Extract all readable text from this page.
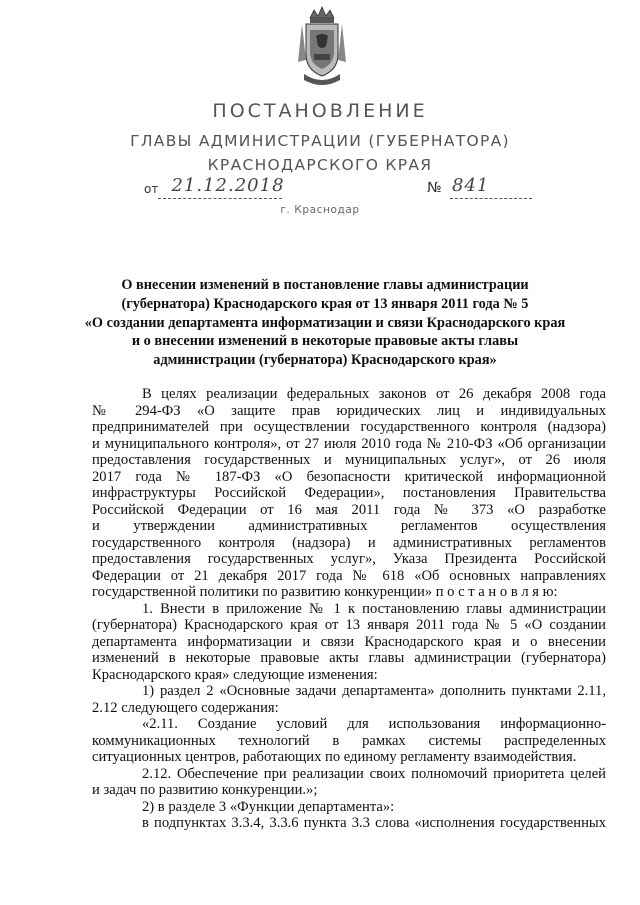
ПОСТАНОВЛЕНИЕ
ГЛАВЫ АДМИНИСТРАЦИИ (ГУБЕРНАТОРА)
КРАСНОДАРСКОГО КРАЯ
от 21.12.2018	№ 841
г. Краснодар
О внесении изменений в постановление главы администрации
(губернатора) Краснодарского края от 13 января 2011 года № 5
«О создании департамента информатизации и связи Краснодарского края
и о внесении изменений в некоторые правовые акты главы
администрации (губернатора) Краснодарского края»
В целях реализации федеральных законов от 26 декабря 2008 года
№ 294-ФЗ «О защите прав юридических лиц и индивидуальных
предпринимателей при осуществлении государственного контроля (надзора)
и муниципального контроля», от 27 июля 2010 года № 210-ФЗ «Об организации
предоставления государственных и муниципальных услуг», от 26 июля
2017 года № 187-ФЗ «О безопасности критической информационной
инфраструктуры Российской Федерации», постановления Правительства
Российской Федерации от 16 мая 2011 года № 373 «О разработке
и утверждении административных регламентов осуществления
государственного контроля (надзора) и административных регламентов
предоставления государственных услуг», Указа Президента Российской
Федерации от 21 декабря 2017 года № 618 «Об основных направлениях
государственной политики по развитию конкуренции» п о с т а н о в л я ю:
1. Внести в приложение № 1 к постановлению главы администрации
(губернатора) Краснодарского края от 13 января 2011 года № 5 «О создании
департамента информатизации и связи Краснодарского края и о внесении
изменений в некоторые правовые акты главы администрации (губернатора)
Краснодарского края» следующие изменения:
1) раздел 2 «Основные задачи департамента» дополнить пунктами 2.11,
2.12 следующего содержания:
«2.11. Создание условий для использования информационно-
коммуникационных технологий в рамках системы распределенных
ситуационных центров, работающих по единому регламенту взаимодействия.
2.12. Обеспечение при реализации своих полномочий приоритета целей
и задач по развитию конкуренции.»;
2) в разделе 3 «Функции департамента»:
в подпунктах 3.3.4, 3.3.6 пункта 3.3 слова «исполнения государственных
